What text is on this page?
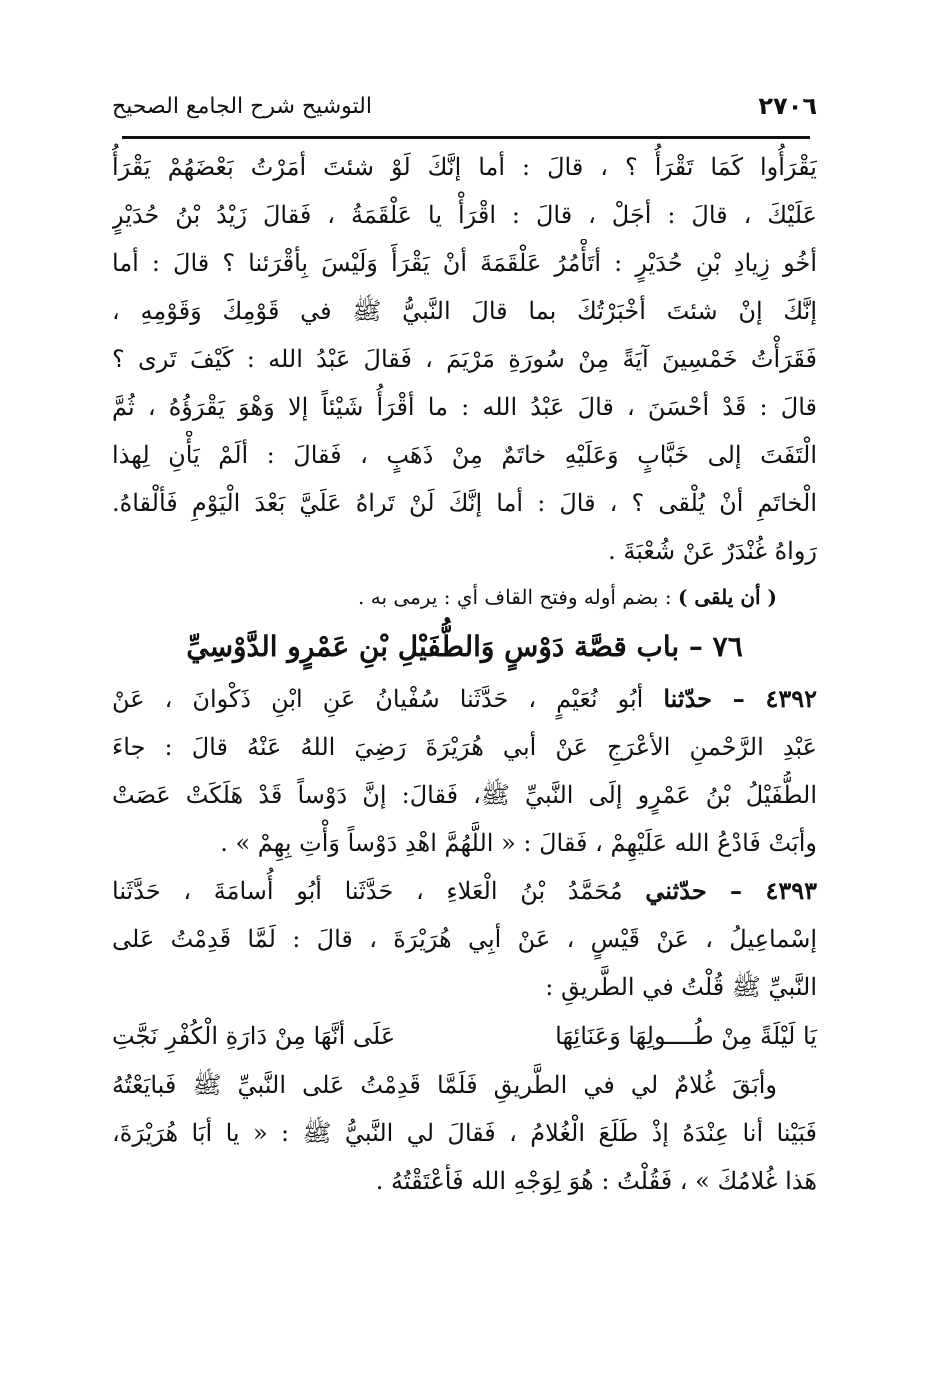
٢٧٠٦
التوشيح شرح الجامع الصحيح
يَقْرَأُوا كَمَا تَقْرَأُ ؟ ، قالَ : أما إنَّكَ لَوْ شئتَ أمَرْتُ بَعْضَهُمْ يَقْرَأُ
عَلَيْكَ ، قالَ : أجَلْ ، قالَ : اقْرَأْ يا عَلْقَمَةُ ، فَقالَ زَيْدُ بْنُ حُدَيْرٍ
أخُو زِيادِ بْنِ حُدَيْرٍ : أتَأْمُرُ عَلْقَمَةَ أنْ يَقْرَأَ وَلَيْسَ بِأقْرَئنا ؟ قالَ : أما
إنَّكَ إنْ شئتَ أخْبَرْتُكَ بما قالَ النَّبيُّ ﷺ في قَوْمِكَ وَقَوْمِهِ ،
فَقَرَأْتُ خَمْسِينَ آيَةً مِنْ سُورَةِ مَرْيَمَ ، فَقالَ عَبْدُ الله : كَيْفَ تَرى ؟
قالَ : قَدْ أحْسَنَ ، قالَ عَبْدُ الله : ما أقْرَأُ شَيْئاً إلا وَهْوَ يَقْرَؤُهُ ، ثُمَّ
الْتَفَتَ إلى خَبَّابٍ وَعَلَيْهِ خاتَمٌ مِنْ ذَهَبٍ ، فَقالَ : ألَمْ يَأْنِ لِهذا
الْخاتَمِ أنْ يُلْقى ؟ ، قالَ : أما إنَّكَ لَنْ تَراهُ عَلَيَّ بَعْدَ الْيَوْمِ فَألْقاهُ.
رَواهُ غُنْدَرٌ عَنْ شُعْبَةَ .
( أن يلقى ) : بضم أوله وفتح القاف أي : يرمى به .
٧٦ – باب قصَّة دَوْسٍ وَالطُّفَيْلِ بْنِ عَمْرٍو الدَّوْسِيِّ
٤٣٩٢ – حدّثنا أبُو نُعَيْمٍ ، حَدَّثَنا سُفْيانُ عَنِ ابْنِ ذَكْوانَ ، عَنْ
عَبْدِ الرَّحْمنِ الأعْرَجِ عَنْ أبي هُرَيْرَةَ رَضِيَ اللهُ عَنْهُ قالَ : جاءَ
الطُّفَيْلُ بْنُ عَمْرٍو إلَى النَّبيِّ ﷺ، فَقالَ: إنَّ دَوْساً قَدْ هَلَكَتْ عَصَتْ
وأبَتْ فَادْعُ الله عَلَيْهِمْ ، فَقالَ : « اللَّهُمَّ اهْدِ دَوْساً وَأْتِ بِهِمْ » .
٤٣٩٣ – حدّثني مُحَمَّدُ بْنُ الْعَلاءِ ، حَدَّثَنا أبُو أُسامَةَ ، حَدَّثَنا
إسْماعِيلُ ، عَنْ قَيْسٍ ، عَنْ أبِي هُرَيْرَةَ ، قالَ : لَمَّا قَدِمْتُ عَلى
النَّبيِّ ﷺ قُلْتُ في الطَّريقِ :
يَا لَيْلَةً مِنْ طُــــولِهَا وَعَنَائِهَا
عَلَى أنَّهَا مِنْ دَارَةِ الْكُفْرِ نَجَّتِ
وأبَقَ غُلامٌ لي في الطَّريقِ فَلَمَّا قَدِمْتُ عَلى النَّبيِّ ﷺ فَبايَعْتُهُ
فَبَيْنا أنا عِنْدَهُ إذْ طَلَعَ الْغُلامُ ، فَقالَ لي النَّبيُّ ﷺ : « يا أبَا هُرَيْرَةَ،
هَذا غُلامُكَ » ، فَقُلْتُ : هُوَ لِوَجْهِ الله فَأعْتَقْتُهُ .
